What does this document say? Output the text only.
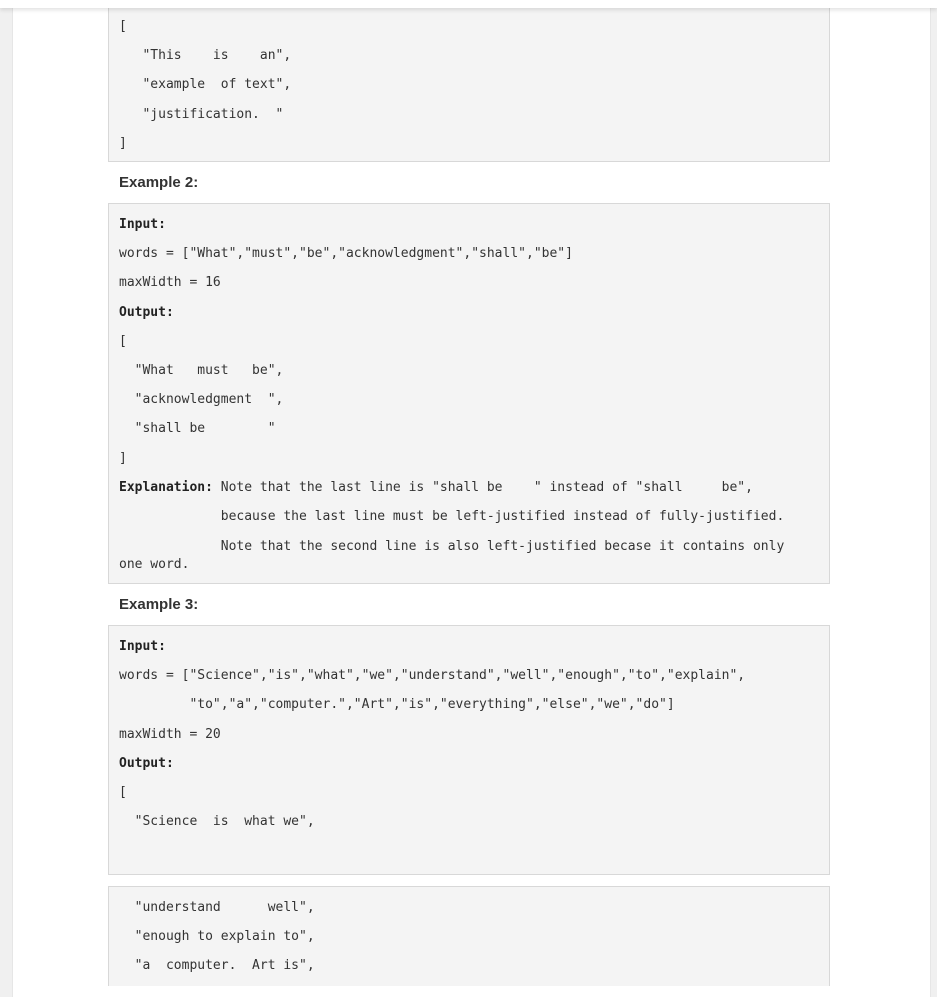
[
"This    is    an",
"example  of text",
"justification.  "
]
Example 2:
Input:
words = ["What","must","be","acknowledgment","shall","be"]
maxWidth = 16
Output:
[
"What   must   be",
"acknowledgment  ",
"shall be        "
]
Explanation: Note that the last line is "shall be    " instead of "shall     be",
because the last line must be left-justified instead of fully-justified.
Note that the second line is also left-justified becase it contains only
one word.
Example 3:
Input:
words = ["Science","is","what","we","understand","well","enough","to","explain",
"to","a","computer.","Art","is","everything","else","we","do"]
maxWidth = 20
Output:
[
"Science  is  what we",
"understand      well",
"enough to explain to",
"a  computer.  Art is",
